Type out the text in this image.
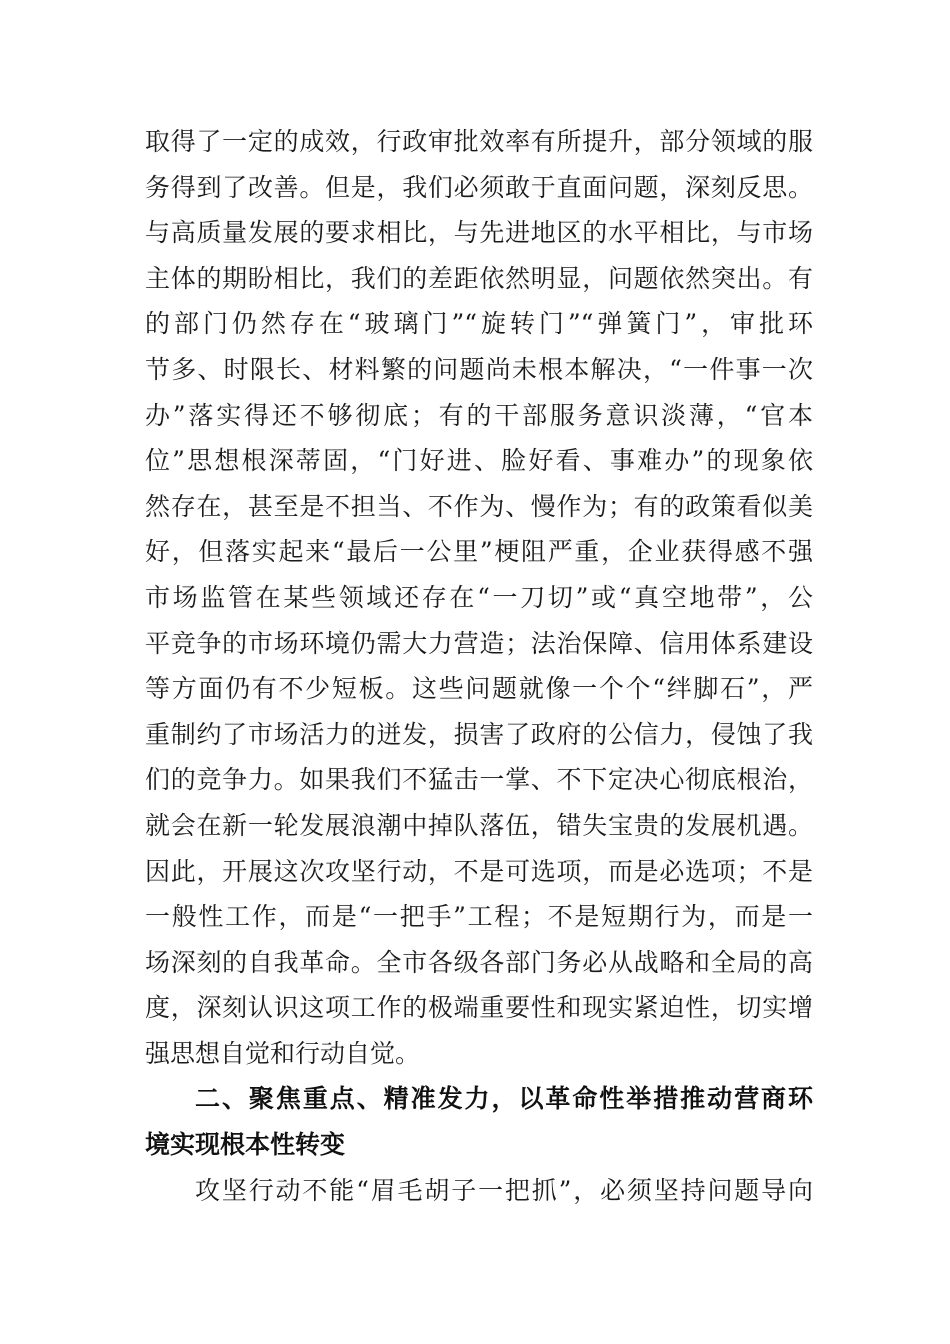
取得了一定的成效，行政审批效率有所提升，部分领域的服
务得到了改善。但是，我们必须敢于直面问题，深刻反思。
与高质量发展的要求相比，与先进地区的水平相比，与市场
主体的期盼相比，我们的差距依然明显，问题依然突出。有
的部门仍然存在“玻璃门”“旋转门”“弹簧门”，审批环
节多、时限长、材料繁的问题尚未根本解决，“一件事一次
办”落实得还不够彻底；有的干部服务意识淡薄，“官本
位”思想根深蒂固，“门好进、脸好看、事难办”的现象依
然存在，甚至是不担当、不作为、慢作为；有的政策看似美
好，但落实起来“最后一公里”梗阻严重，企业获得感不强
市场监管在某些领域还存在“一刀切”或“真空地带”，公
平竞争的市场环境仍需大力营造；法治保障、信用体系建设
等方面仍有不少短板。这些问题就像一个个“绊脚石”，严
重制约了市场活力的迸发，损害了政府的公信力，侵蚀了我
们的竞争力。如果我们不猛击一掌、不下定决心彻底根治，
就会在新一轮发展浪潮中掉队落伍，错失宝贵的发展机遇。
因此，开展这次攻坚行动，不是可选项，而是必选项；不是
一般性工作，而是“一把手”工程；不是短期行为，而是一
场深刻的自我革命。全市各级各部门务必从战略和全局的高
度，深刻认识这项工作的极端重要性和现实紧迫性，切实增
强思想自觉和行动自觉。
二、聚焦重点、精准发力，以革命性举措推动营商环
境实现根本性转变
攻坚行动不能“眉毛胡子一把抓”，必须坚持问题导向
